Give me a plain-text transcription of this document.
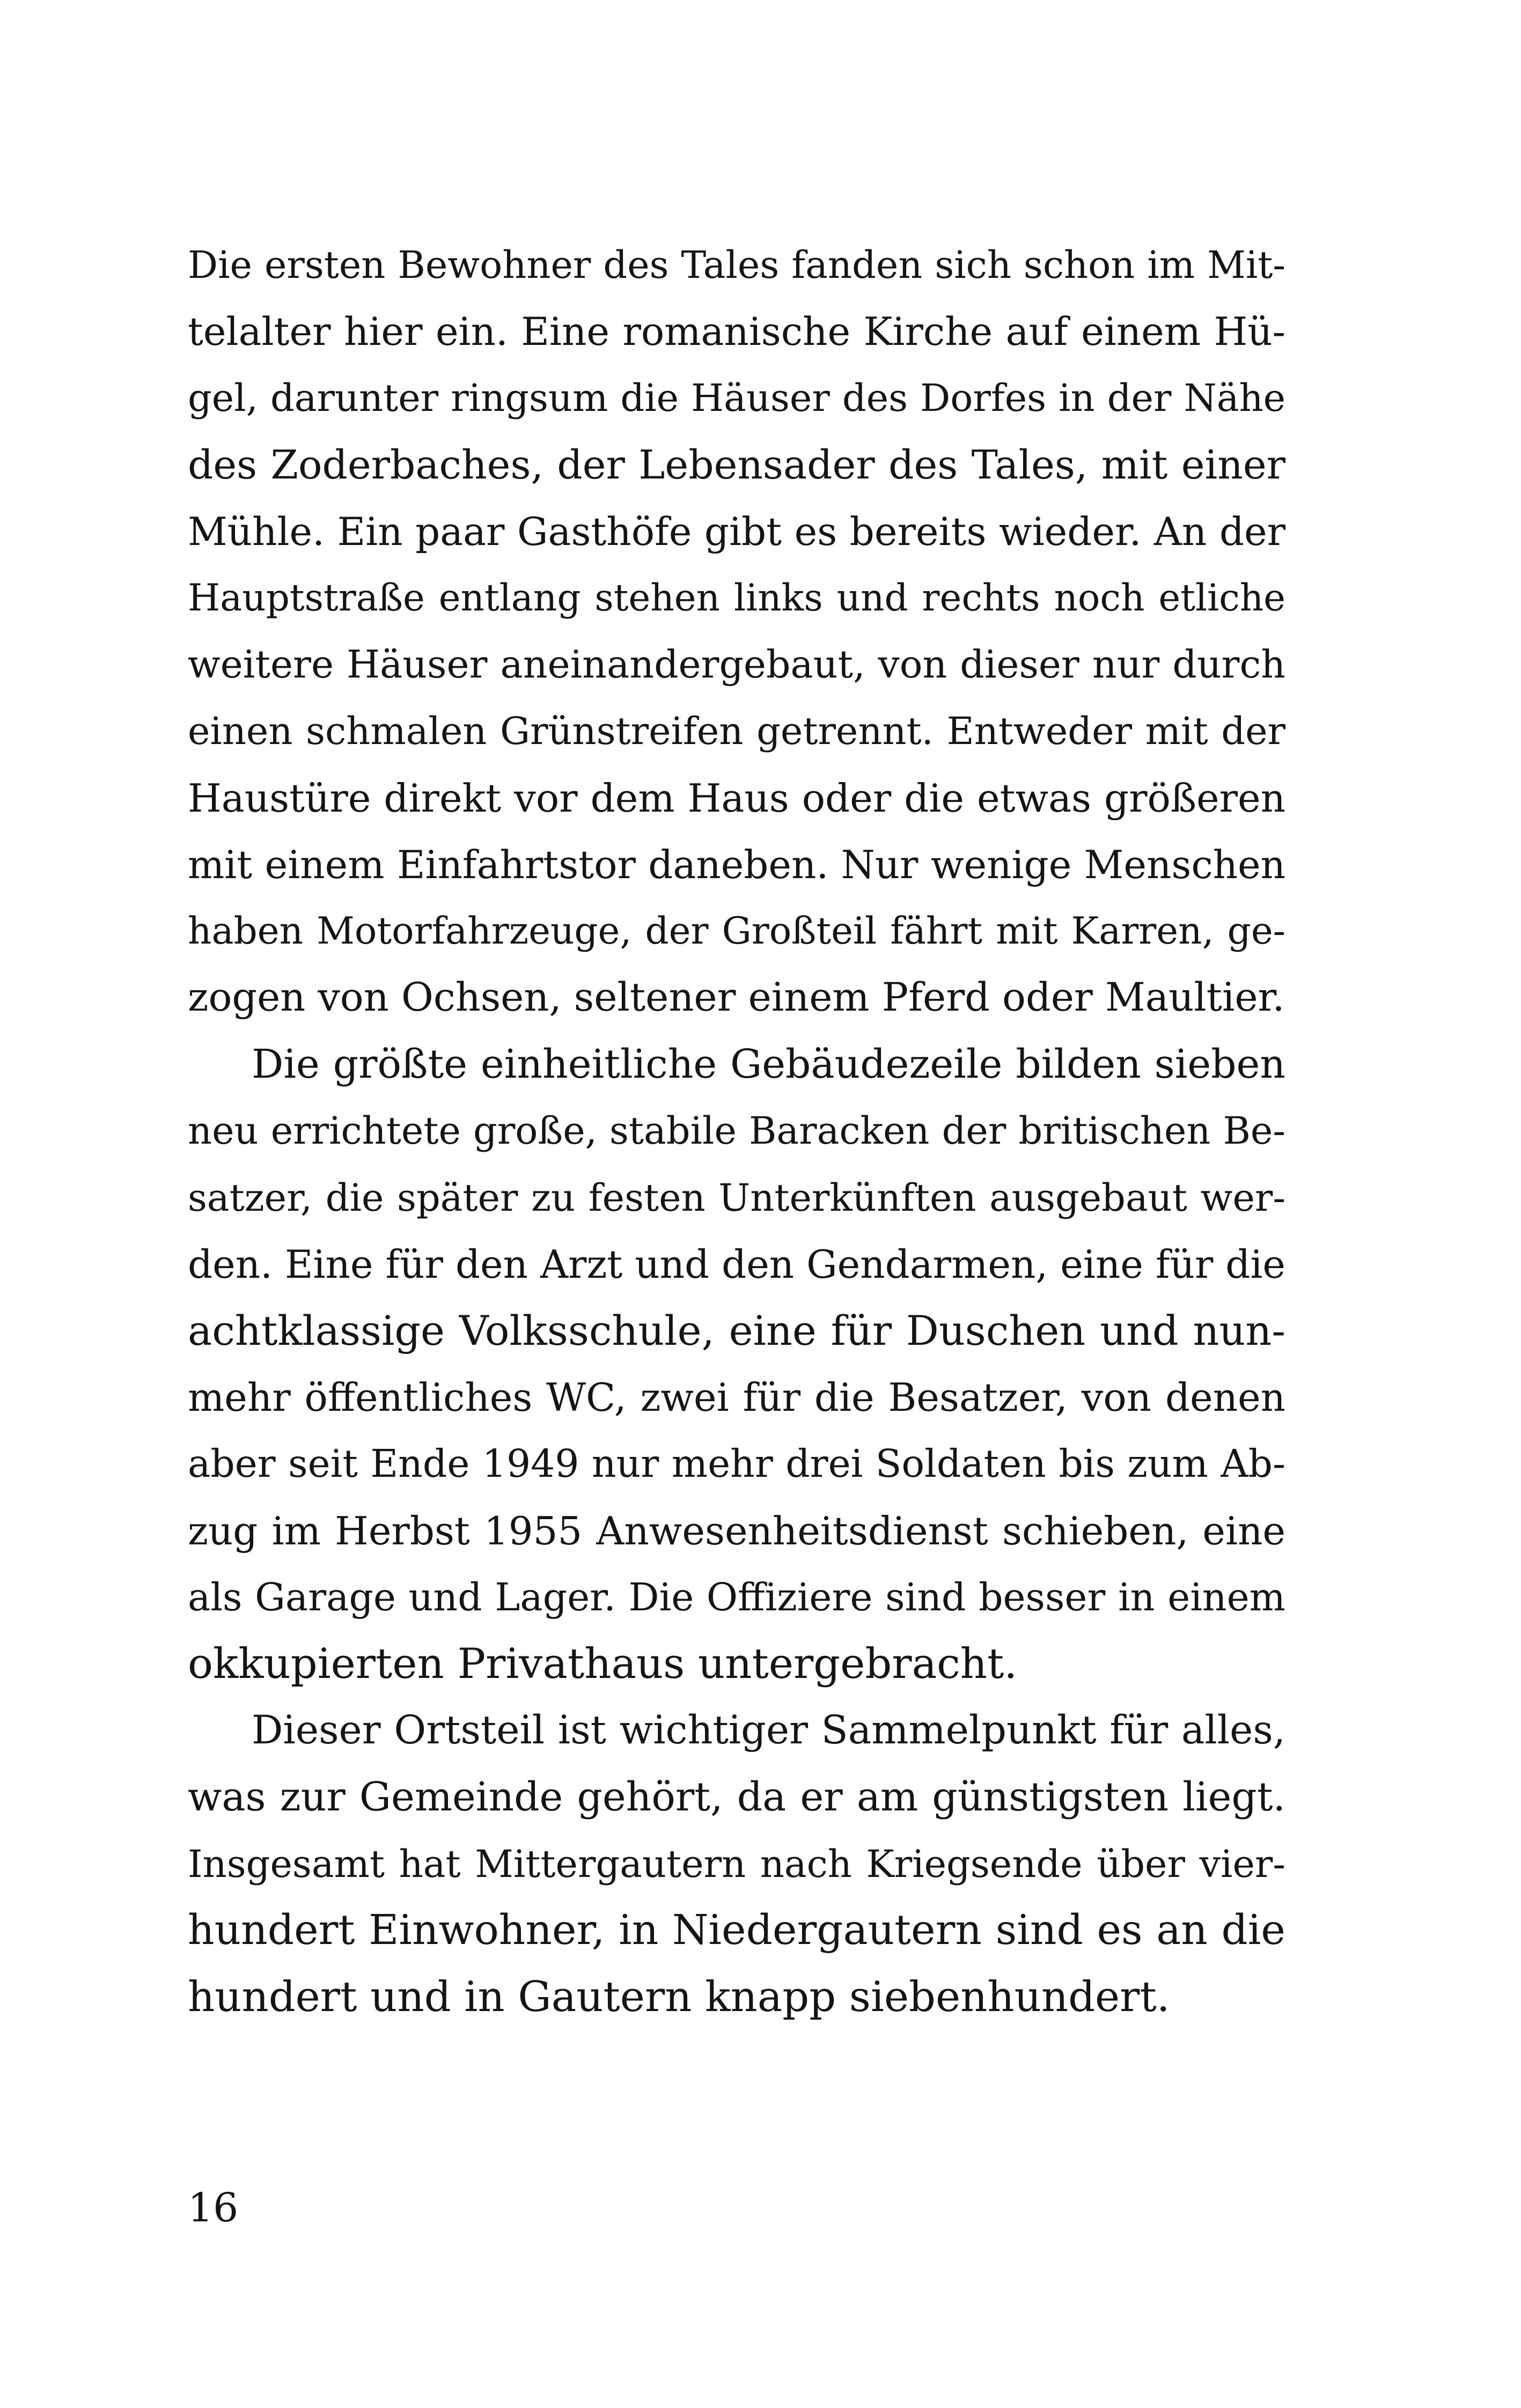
Die ersten Bewohner des Tales fanden sich schon im Mit-
telalter hier ein. Eine romanische Kirche auf einem Hü-
gel, darunter ringsum die Häuser des Dorfes in der Nähe
des Zoderbaches, der Lebensader des Tales, mit einer
Mühle. Ein paar Gasthöfe gibt es bereits wieder. An der
Hauptstraße entlang stehen links und rechts noch etliche
weitere Häuser aneinandergebaut, von dieser nur durch
einen schmalen Grünstreifen getrennt. Entweder mit der
Haustüre direkt vor dem Haus oder die etwas größeren
mit einem Einfahrtstor daneben. Nur wenige Menschen
haben Motorfahrzeuge, der Großteil fährt mit Karren, ge-
zogen von Ochsen, seltener einem Pferd oder Maultier.
Die größte einheitliche Gebäudezeile bilden sieben
neu errichtete große, stabile Baracken der britischen Be-
satzer, die später zu festen Unterkünften ausgebaut wer-
den. Eine für den Arzt und den Gendarmen, eine für die
achtklassige Volksschule, eine für Duschen und nun-
mehr öffentliches WC, zwei für die Besatzer, von denen
aber seit Ende 1949 nur mehr drei Soldaten bis zum Ab-
zug im Herbst 1955 Anwesenheitsdienst schieben, eine
als Garage und Lager. Die Offiziere sind besser in einem
okkupierten Privathaus untergebracht.
Dieser Ortsteil ist wichtiger Sammelpunkt für alles,
was zur Gemeinde gehört, da er am günstigsten liegt.
Insgesamt hat Mittergautern nach Kriegsende über vier-
hundert Einwohner, in Niedergautern sind es an die
hundert und in Gautern knapp siebenhundert.
16
